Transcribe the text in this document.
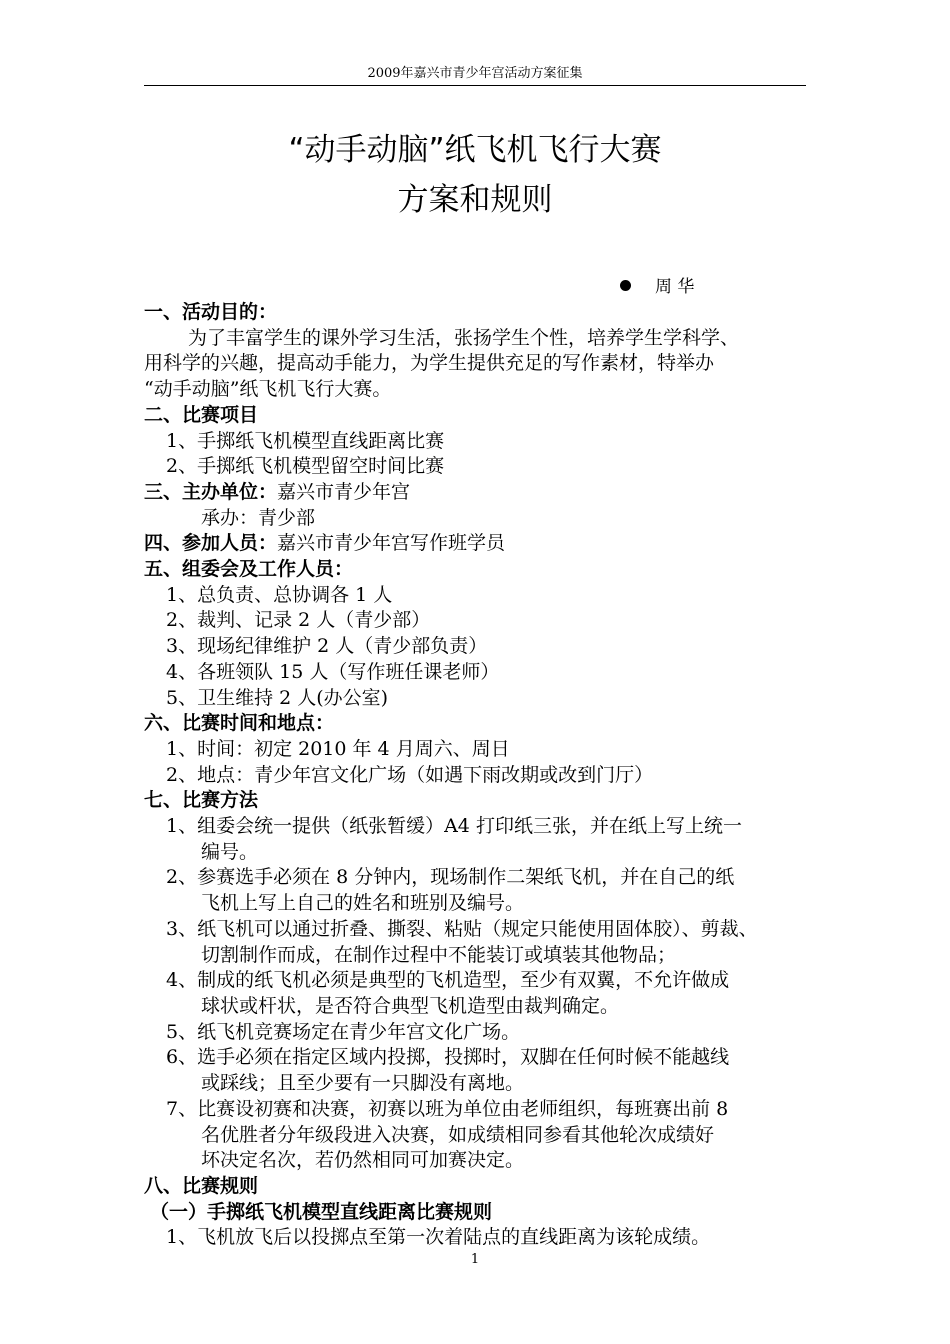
2009年嘉兴市青少年宫活动方案征集
“动手动脑”纸飞机飞行大赛
方案和规则
周 华
一、活动目的：
为了丰富学生的课外学习生活，张扬学生个性，培养学生学科学、
用科学的兴趣，提高动手能力，为学生提供充足的写作素材，特举办
“动手动脑”纸飞机飞行大赛。
二、比赛项目
1、手掷纸飞机模型直线距离比赛
2、手掷纸飞机模型留空时间比赛
三、主办单位：嘉兴市青少年宫
承办：青少部
四、参加人员：嘉兴市青少年宫写作班学员
五、组委会及工作人员：
1、总负责、总协调各 1 人
2、裁判、记录 2 人（青少部）
3、现场纪律维护 2 人（青少部负责）
4、各班领队 15 人（写作班任课老师）
5、卫生维持 2 人(办公室)
六、比赛时间和地点：
1、时间：初定 2010 年 4 月周六、周日
2、地点：青少年宫文化广场（如遇下雨改期或改到门厅）
七、比赛方法
1、组委会统一提供（纸张暂缓）A4 打印纸三张，并在纸上写上统一
编号。
2、参赛选手必须在 8 分钟内，现场制作二架纸飞机，并在自己的纸
飞机上写上自己的姓名和班别及编号。
3、纸飞机可以通过折叠、撕裂、粘贴（规定只能使用固体胶）、剪裁、
切割制作而成，在制作过程中不能装订或填装其他物品；
4、制成的纸飞机必须是典型的飞机造型，至少有双翼，不允许做成
球状或杆状，是否符合典型飞机造型由裁判确定。
5、纸飞机竞赛场定在青少年宫文化广场。
6、选手必须在指定区域内投掷，投掷时，双脚在任何时候不能越线
或踩线；且至少要有一只脚没有离地。
7、比赛设初赛和决赛，初赛以班为单位由老师组织，每班赛出前 8
名优胜者分年级段进入决赛，如成绩相同参看其他轮次成绩好
坏决定名次，若仍然相同可加赛决定。
八、比赛规则
（一）手掷纸飞机模型直线距离比赛规则
1、飞机放飞后以投掷点至第一次着陆点的直线距离为该轮成绩。
1
